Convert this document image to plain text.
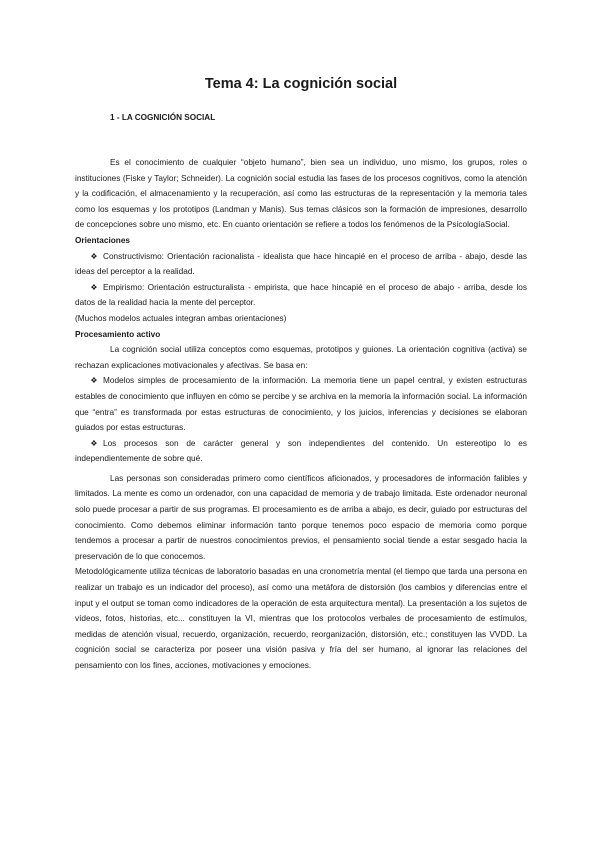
Tema 4: La cognición social
1 - LA COGNICIÓN SOCIAL

Es el conocimiento de cualquier “objeto humano”, bien sea un individuo, uno mismo, los grupos, roles o instituciones (Fiske y Taylor; Schneider). La cognición social estudia las fases de los procesos cognitivos, como la atención y la codificación, el almacenamiento y la recuperación, así como las estructuras de la representación y la memoria tales como los esquemas y los prototipos (Landman y Manis). Sus temas clásicos son la formación de impresiones, desarrollo de concepciones sobre uno mismo, etc. En cuanto orientación se refiere a todos los fenómenos de la PsicologíaSocial.

Orientaciones

❖ Constructivismo: Orientación racionalista - idealista que hace hincapié en el proceso de arriba - abajo, desde las ideas del perceptor a la realidad.

❖ Empirismo: Orientación estructuralista - empirista, que hace hincapié en el proceso de abajo - arriba, desde los datos de la realidad hacia la mente del perceptor.

(Muchos modelos actuales integran ambas orientaciones)

Procesamiento activo

La cognición social utiliza conceptos como esquemas, prototipos y guiones. La orientación cognitiva (activa) se rechazan explicaciones motivacionales y afectivas. Se basa en:

❖ Modelos simples de procesamiento de la información. La memoria tiene un papel central, y existen estructuras estables de conocimiento que influyen en cómo se percibe y se archiva en la memoria la información social. La información que “entra” es transformada por estas estructuras de conocimiento, y los juicios, inferencias y decisiones se elaboran guiados por estas estructuras.

❖ Los procesos son de carácter general y son independientes del contenido. Un estereotipo lo es independientemente de sobre qué.

Las personas son consideradas primero como científicos aficionados, y procesadores de información falibles y limitados. La mente es como un ordenador, con una capacidad de memoria y de trabajo limitada. Este ordenador neuronal solo puede procesar a partir de sus programas. El procesamiento es de arriba a abajo, es decir, guiado por estructuras del conocimiento. Como debemos eliminar información tanto porque tenemos poco espacio de memoria como porque tendemos a procesar a partir de nuestros conocimientos previos, el pensamiento social tiende a estar sesgado hacia la preservación de lo que conocemos.

Metodológicamente utiliza técnicas de laboratorio basadas en una cronometría mental (el tiempo que tarda una persona en realizar un trabajo es un indicador del proceso), así como una metáfora de distorsión (los cambios y diferencias entre el input y el output se toman como indicadores de la operación de esta arquitectura mental). La presentación a los sujetos de vídeos, fotos, historias, etc... constituyen la VI, mientras que los protocolos verbales de procesamiento de estímulos, medidas de atención visual, recuerdo, organización, recuerdo, reorganización, distorsión, etc.; constituyen las VVDD. La cognición social se caracteriza por poseer una visión pasiva y fría del ser humano, al ignorar las relaciones del pensamiento con los fines, acciones, motivaciones y emociones.
